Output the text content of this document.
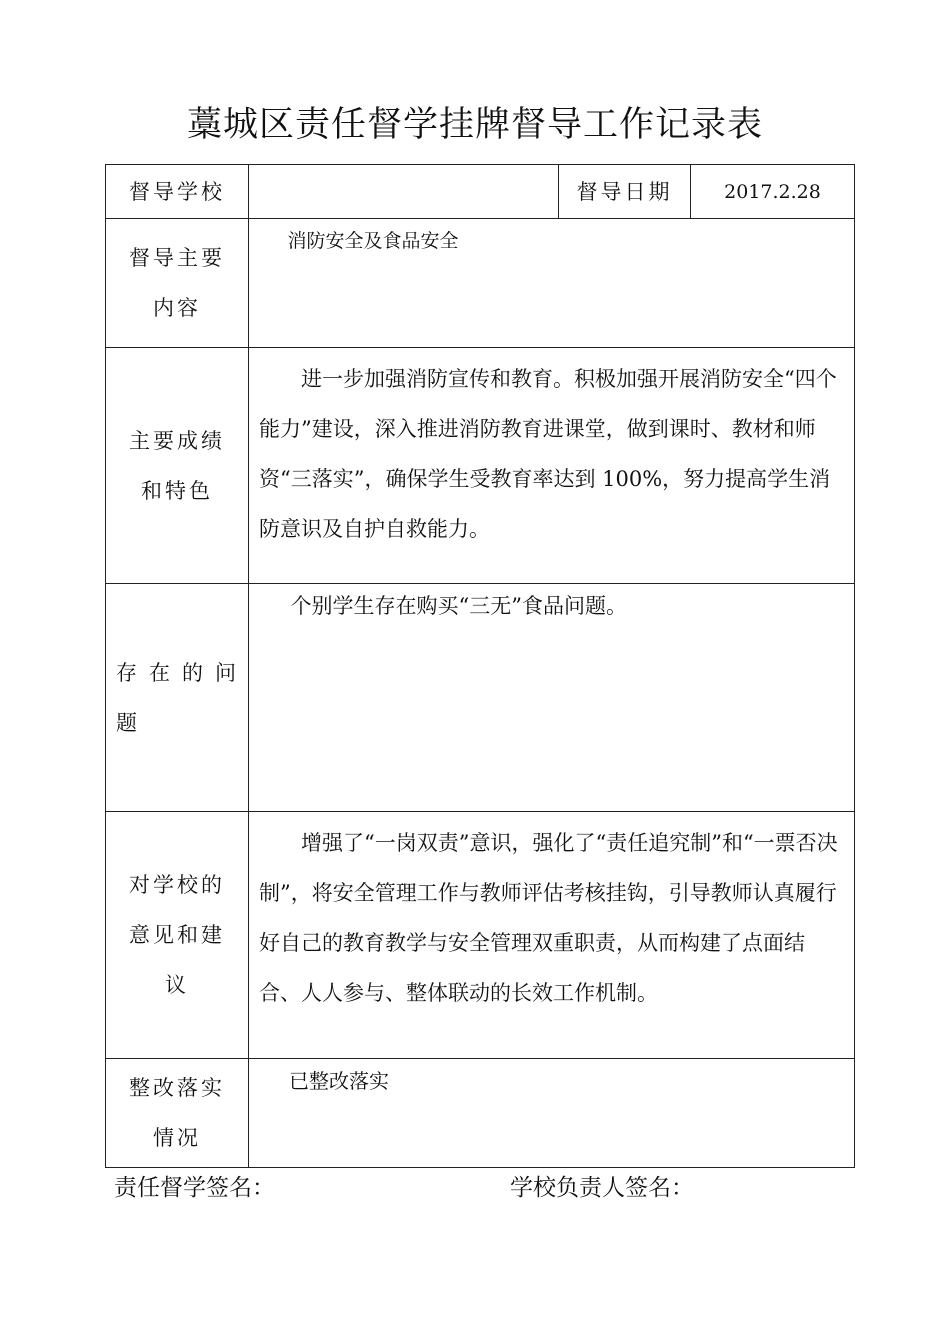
藁城区责任督学挂牌督导工作记录表
督导学校		督导日期	2017.2.28

督导主要
内容	消防安全及食品安全		

主要成绩
和特色	进一步加强消防宣传和教育。积极加强开展消防安全“四个能力”建设，深入推进消防教育进课堂，做到课时、教材和师资“三落实”，确保学生受教育率达到 100%，努力提高学生消防意识及自护自救能力。		

存在的问
题	个别学生存在购买“三无”食品问题。		

对学校的
意见和建
议	增强了“一岗双责”意识，强化了“责任追究制”和“一票否决制”，将安全管理工作与教师评估考核挂钩，引导教师认真履行好自己的教育教学与安全管理双重职责，从而构建了点面结合、人人参与、整体联动的长效工作机制。		

整改落实
情况	已整改落实		
责任督学签名：	学校负责人签名：
